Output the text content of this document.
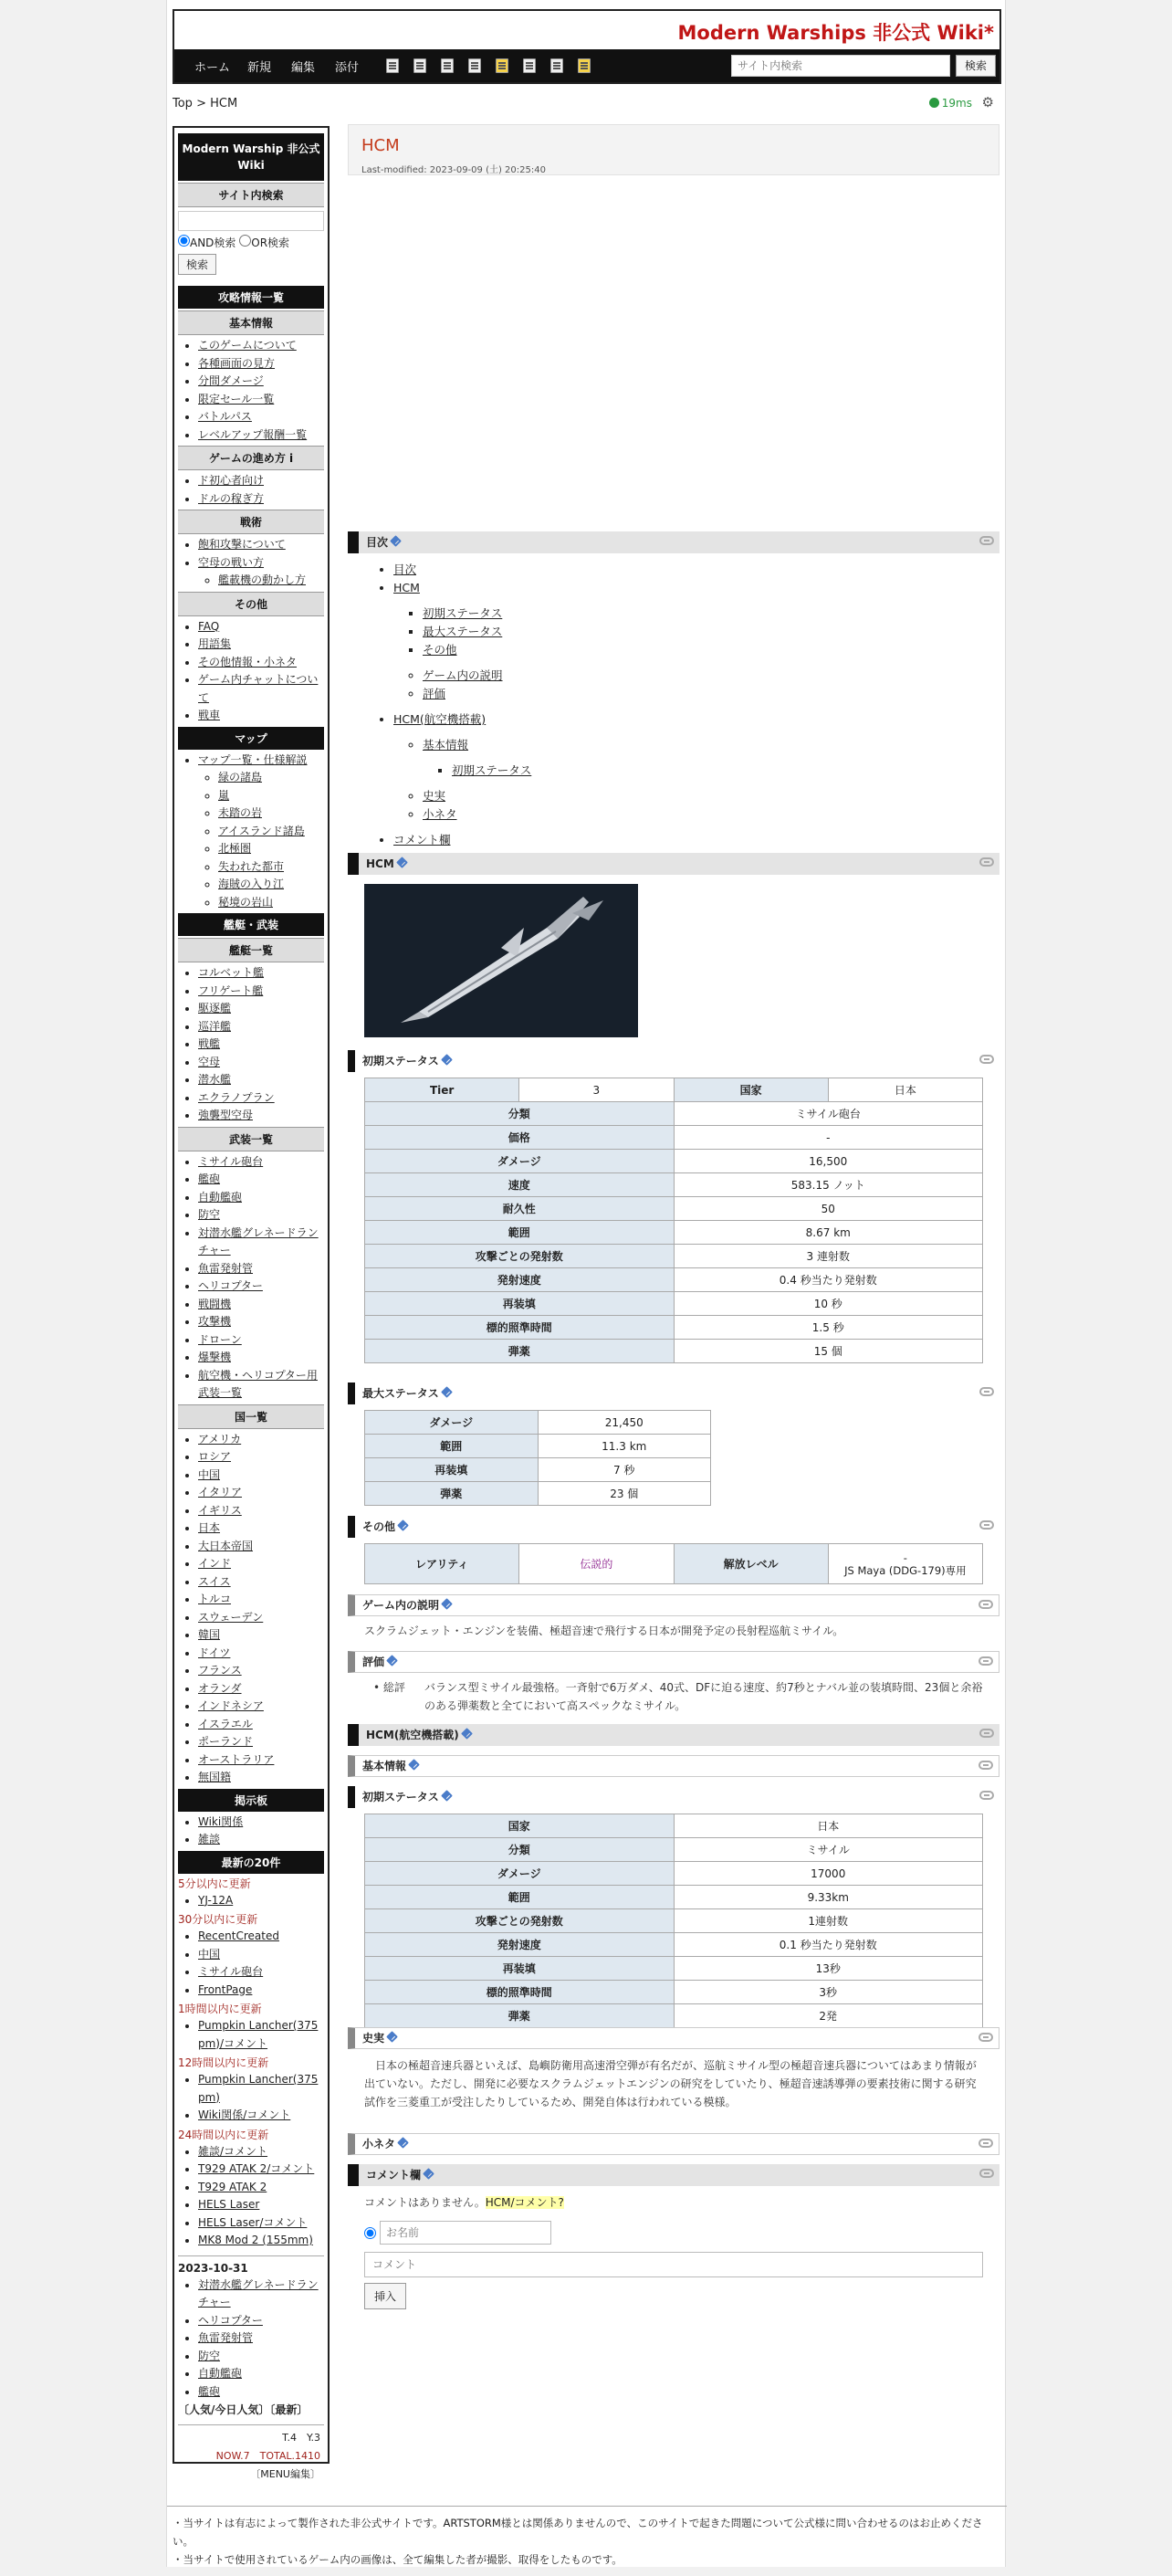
Modern Warships 非公式 Wiki*
ホーム 新規 編集 添付
サイト内検索	検索
Top > HCM	19ms ⚙
Modern Warship 非公式Wiki
サイト内検索
AND検索 OR検索
検索
攻略情報一覧
基本情報
• このゲームについて
• 各種画面の見方
• 分間ダメージ
• 限定セール一覧
• バトルパス
• レベルアップ報酬一覧
ゲームの進め方 i
• ド初心者向け
• ドルの稼ぎ方
戦術
• 飽和攻撃について
• 空母の戦い方
◦ 艦載機の動かし方
その他
• FAQ
• 用語集
• その他情報・小ネタ
• ゲーム内チャットについて
• 戦車
マップ
• マップ一覧・仕様解説
◦ 緑の諸島
◦ 嵐
◦ 未踏の岩
◦ アイスランド諸島
◦ 北極圏
◦ 失われた都市
◦ 海賊の入り江
◦ 秘境の岩山
艦艇・武装
艦艇一覧
• コルベット艦
• フリゲート艦
• 駆逐艦
• 巡洋艦
• 戦艦
• 空母
• 潜水艦
• エクラノプラン
• 強襲型空母
武装一覧
• ミサイル砲台
• 艦砲
• 自動艦砲
• 防空
• 対潜水艦グレネードランチャー
• 魚雷発射管
• ヘリコプター
• 戦闘機
• 攻撃機
• ドローン
• 爆撃機
• 航空機・ヘリコプター用武装一覧
国一覧
• アメリカ
• ロシア
• 中国
• イタリア
• イギリス
• 日本
• 大日本帝国
• インド
• スイス
• トルコ
• スウェーデン
• 韓国
• ドイツ
• フランス
• オランダ
• インドネシア
• イスラエル
• ポーランド
• オーストラリア
• 無国籍
掲示板
• Wiki関係
• 雑談
最新の20件
5分以内に更新
• YJ-12A
30分以内に更新
• RecentCreated
• 中国
• ミサイル砲台
• FrontPage
1時間以内に更新
• Pumpkin Lancher(375 pm)/コメント
12時間以内に更新
• Pumpkin Lancher(375 pm)
• Wiki関係/コメント
24時間以内に更新
• 雑談/コメント
• T929 ATAK 2/コメント
• T929 ATAK 2
• HELS Laser
• HELS Laser/コメント
• MK8 Mod 2 (155mm)
2023-10-31
• 対潜水艦グレネードランチャー
• ヘリコプター
• 魚雷発射管
• 防空
• 自動艦砲
• 艦砲
〔人気/今日人気〕〔最新〕
T.4　Y.3
NOW.7　TOTAL.1410
〔MENU編集〕
HCM
Last-modified: 2023-09-09 (土) 20:25:40
目次
• 目次
• HCM
▪ 初期ステータス
▪ 最大ステータス
▪ その他
◦ ゲーム内の説明
◦ 評価
• HCM(航空機搭載)
◦ 基本情報
▪ 初期ステータス
◦ 史実
◦ 小ネタ
• コメント欄
HCM
初期ステータス
Tier	3	国家	日本
分類		ミサイル砲台	
価格		-	
ダメージ		16,500	
速度		583.15 ノット	
耐久性		50	
範囲		8.67 km	
攻撃ごとの発射数		3 連射数	
発射速度		0.4 秒当たり発射数	
再装填		10 秒	
標的照準時間		1.5 秒	
弾薬		15 個	
最大ステータス
ダメージ	21,450
範囲	11.3 km
再装填	7 秒
弾薬	23 個
その他
レアリティ	伝説的	解放レベル	
-
JS Maya (DDG-179)専用
ゲーム内の説明
スクラムジェット・エンジンを装備、極超音速で飛行する日本が開発予定の長射程巡航ミサイル。
評価
• 総評	バランス型ミサイル最強格。一斉射で6万ダメ、40式、DFに迫る速度、約7秒とナバル並の装填時間、23個と余裕のある弾薬数と全てにおいて高スペックなミサイル。
HCM(航空機搭載)
基本情報
初期ステータス
国家	日本
分類	ミサイル
ダメージ	17000
範囲	9.33km
攻撃ごとの発射数	1連射数
発射速度	0.1 秒当たり発射数
再装填	13秒
標的照準時間	3秒
弾薬	2発
史実
日本の極超音速兵器といえば、島嶼防衛用高速滑空弾が有名だが、巡航ミサイル型の極超音速兵器についてはあまり情報が出ていない。ただし、開発に必要なスクラムジェットエンジンの研究をしていたり、極超音速誘導弾の要素技術に関する研究試作を三菱重工が受注したりしているため、開発自体は行われている模様。
小ネタ
コメント欄
コメントはありません。HCM/コメント?
お名前
コメント
挿入
・当サイトは有志によって製作された非公式サイトです。ARTSTORM様とは関係ありませんので、このサイトで起きた問題について公式様に問い合わせるのはお止めください。
・当サイトで使用されているゲーム内の画像は、全て編集した者が撮影、取得をしたものです。
